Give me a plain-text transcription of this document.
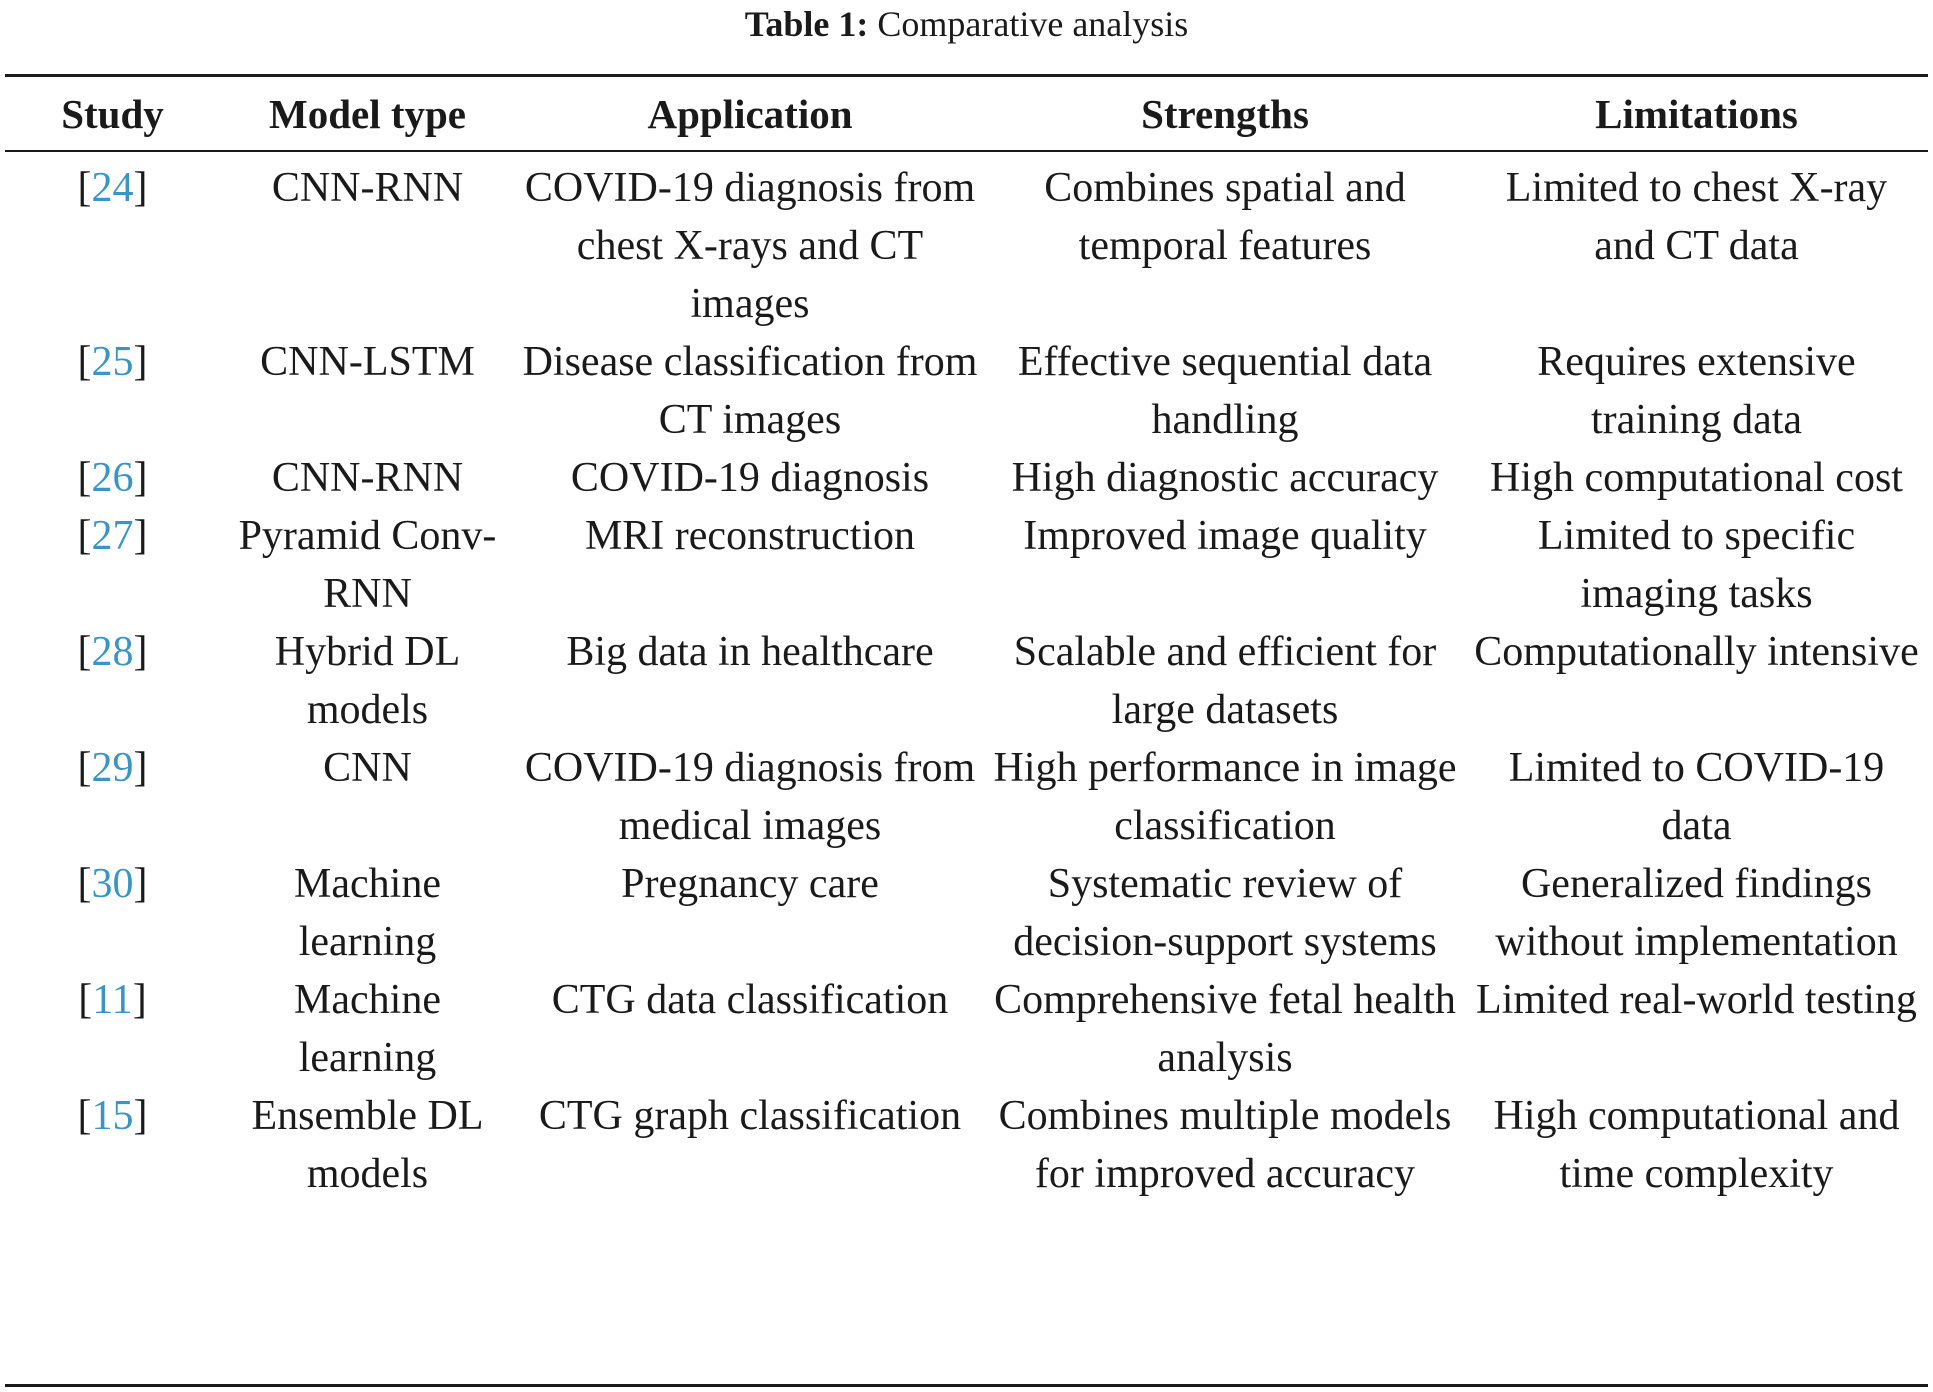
Table 1: Comparative analysis
Study	Model type	Application	Strengths	Limitations
[24]	CNN-RNN	COVID-19 diagnosis from chest X-rays and CT images	Combines spatial and temporal features	Limited to chest X-ray and CT data
[25]	CNN-LSTM	Disease classification from CT images	Effective sequential data handling	Requires extensive training data
[26]	CNN-RNN	COVID-19 diagnosis	High diagnostic accuracy	High computational cost
[27]	Pyramid Conv-RNN	MRI reconstruction	Improved image quality	Limited to specific imaging tasks
[28]	Hybrid DL models	Big data in healthcare	Scalable and efficient for large datasets	Computationally intensive
[29]	CNN	COVID-19 diagnosis from medical images	High performance in image classification	Limited to COVID-19 data
[30]	Machine learning	Pregnancy care	Systematic review of decision-support systems	Generalized findings without implementation
[11]	Machine learning	CTG data classification	Comprehensive fetal health analysis	Limited real-world testing
[15]	Ensemble DL models	CTG graph classification	Combines multiple models for improved accuracy	High computational and time complexity
